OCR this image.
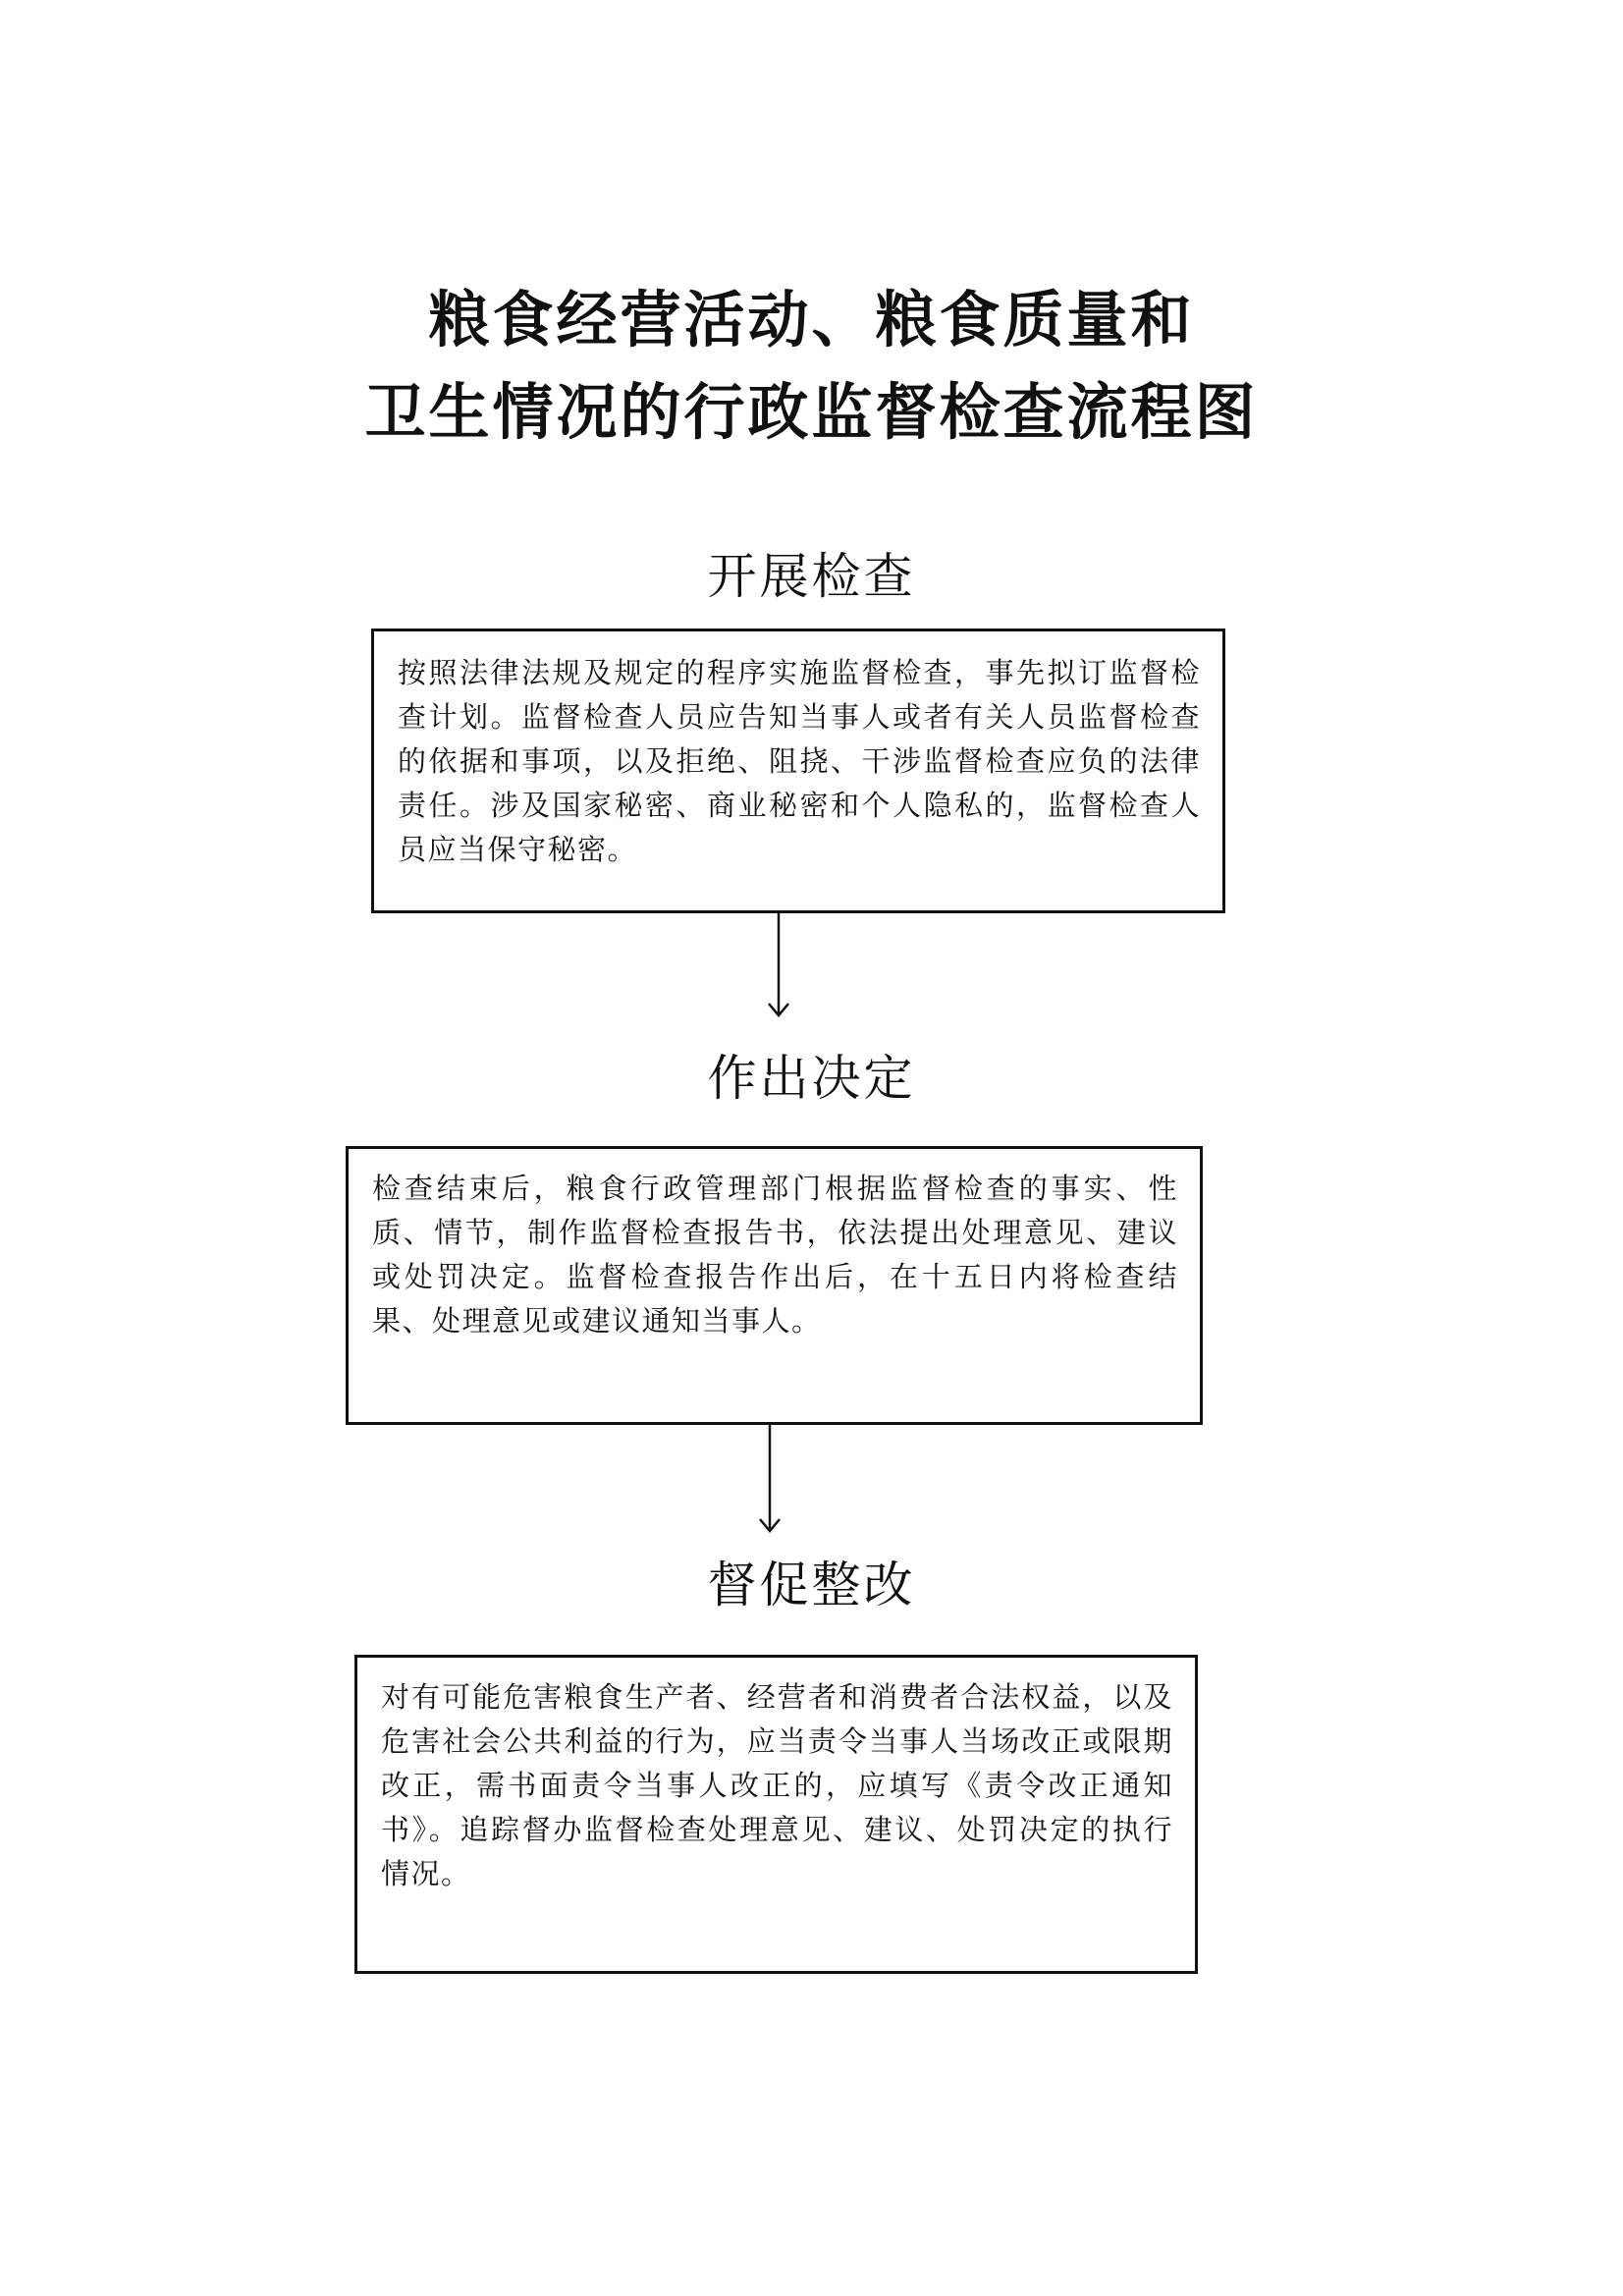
粮食经营活动、粮食质量和
卫生情况的行政监督检查流程图
开展检查

按照法律法规及规定的程序实施监督检查，事先拟订监督检查计划。监督检查人员应告知当事人或者有关人员监督检查的依据和事项，以及拒绝、阻挠、干涉监督检查应负的法律责任。涉及国家秘密、商业秘密和个人隐私的，监督检查人员应当保守秘密。

作出决定

检查结束后，粮食行政管理部门根据监督检查的事实、性质、情节，制作监督检查报告书，依法提出处理意见、建议或处罚决定。监督检查报告作出后，在十五日内将检查结果、处理意见或建议通知当事人。

督促整改

对有可能危害粮食生产者、经营者和消费者合法权益，以及危害社会公共利益的行为，应当责令当事人当场改正或限期改正，需书面责令当事人改正的，应填写《责令改正通知书》。追踪督办监督检查处理意见、建议、处罚决定的执行情况。
